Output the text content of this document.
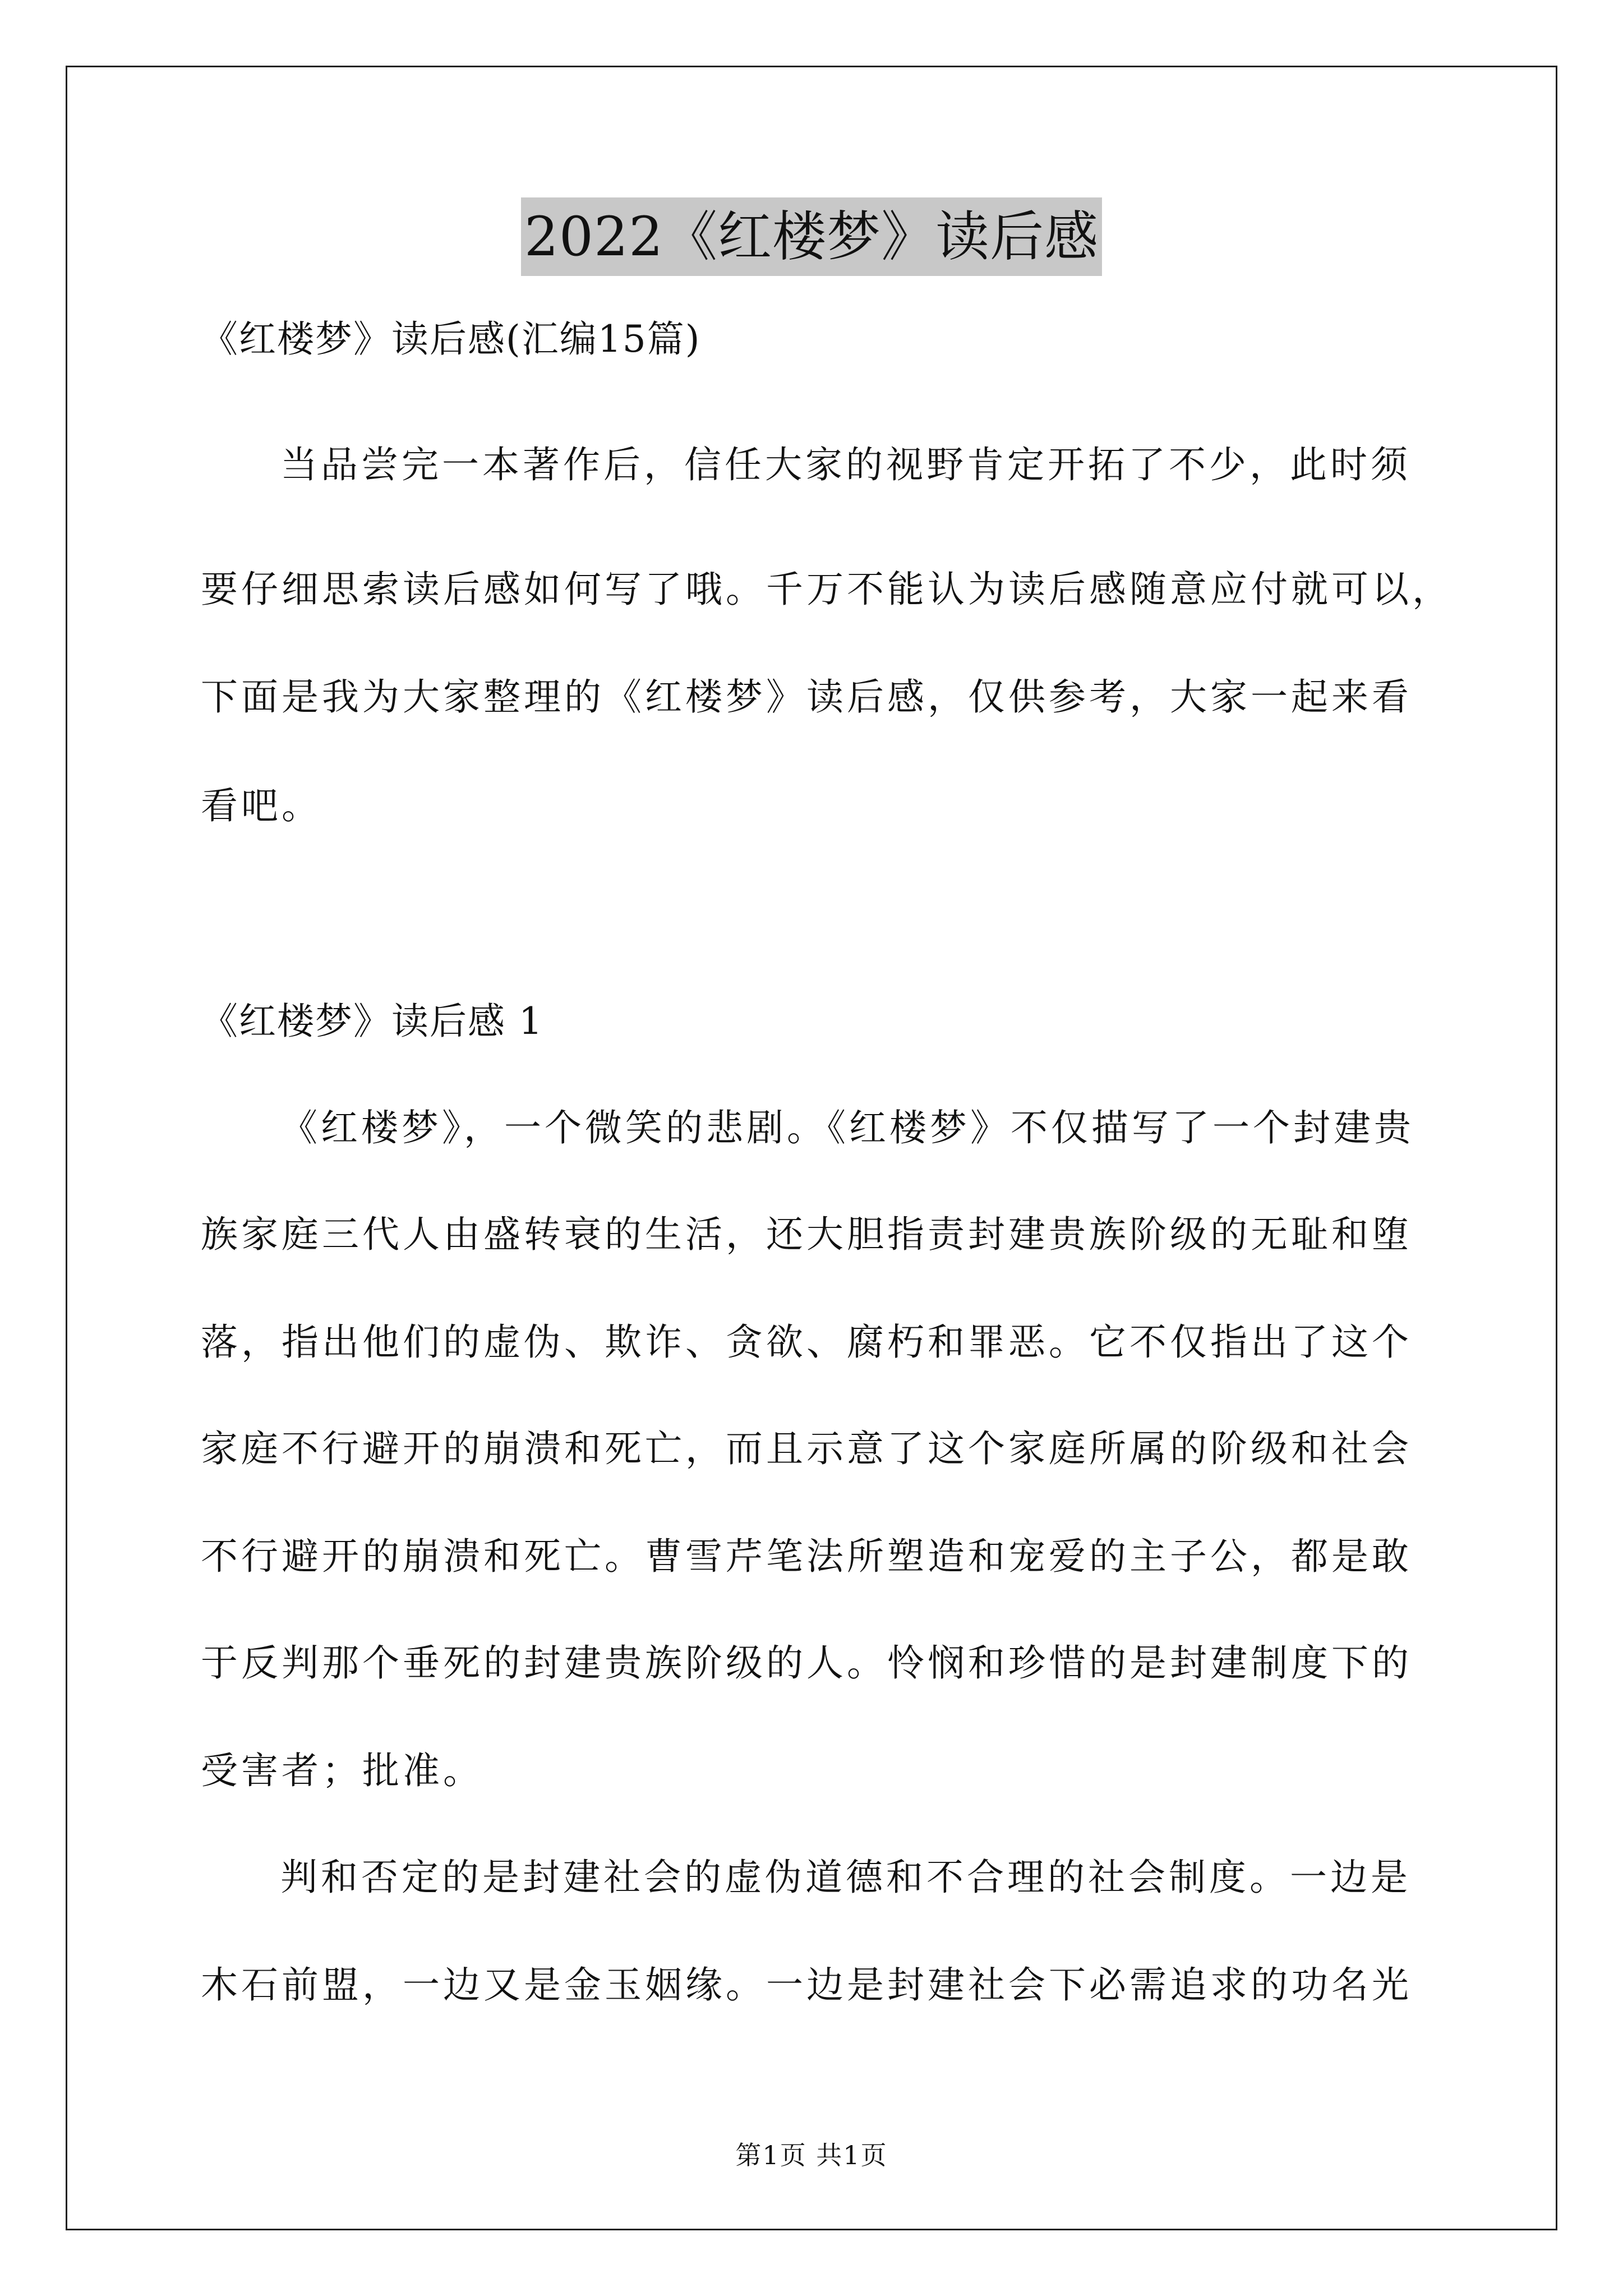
2022《红楼梦》读后感
《红楼梦》读后感(汇编15篇)
当品尝完一本著作后，信任大家的视野肯定开拓了不少，此时须
要仔细思索读后感如何写了哦。千万不能认为读后感随意应付就可以，
下面是我为大家整理的《红楼梦》读后感，仅供参考，大家一起来看
看吧。
《红楼梦》读后感 1
《红楼梦》，一个微笑的悲剧。《红楼梦》不仅描写了一个封建贵
族家庭三代人由盛转衰的生活，还大胆指责封建贵族阶级的无耻和堕
落，指出他们的虚伪、欺诈、贪欲、腐朽和罪恶。它不仅指出了这个
家庭不行避开的崩溃和死亡，而且示意了这个家庭所属的阶级和社会
不行避开的崩溃和死亡。曹雪芹笔法所塑造和宠爱的主子公，都是敢
于反判那个垂死的封建贵族阶级的人。怜悯和珍惜的是封建制度下的
受害者；批准。
判和否定的是封建社会的虚伪道德和不合理的社会制度。一边是
木石前盟，一边又是金玉姻缘。一边是封建社会下必需追求的功名光
第1页 共1页
